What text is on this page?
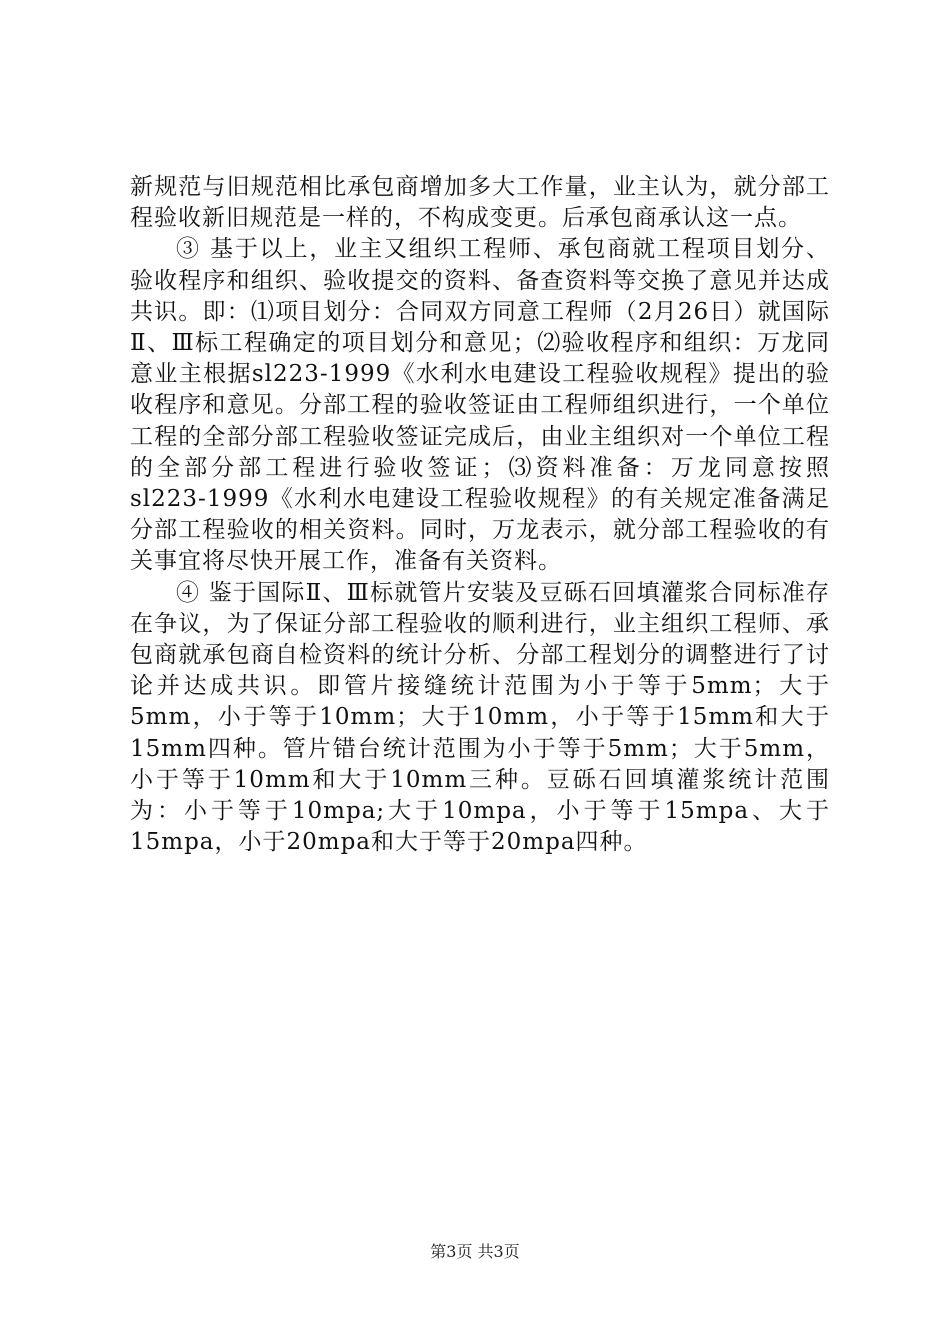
新规范与旧规范相比承包商增加多大工作量，业主认为，就分部工程验收新旧规范是一样的，不构成变更。后承包商承认这一点。

③ 基于以上，业主又组织工程师、承包商就工程项目划分、验收程序和组织、验收提交的资料、备查资料等交换了意见并达成共识。即：⑴项目划分：合同双方同意工程师（2月26日）就国际Ⅱ、Ⅲ标工程确定的项目划分和意见；⑵验收程序和组织：万龙同意业主根据sl223-1999《水利水电建设工程验收规程》提出的验收程序和意见。分部工程的验收签证由工程师组织进行，一个单位工程的全部分部工程验收签证完成后，由业主组织对一个单位工程的全部分部工程进行验收签证；⑶资料准备：万龙同意按照sl223-1999《水利水电建设工程验收规程》的有关规定准备满足分部工程验收的相关资料。同时，万龙表示，就分部工程验收的有关事宜将尽快开展工作，准备有关资料。

④ 鉴于国际Ⅱ、Ⅲ标就管片安装及豆砾石回填灌浆合同标准存在争议，为了保证分部工程验收的顺利进行，业主组织工程师、承包商就承包商自检资料的统计分析、分部工程划分的调整进行了讨论并达成共识。即管片接缝统计范围为小于等于5mm；大于5mm，小于等于10mm；大于10mm，小于等于15mm和大于15mm四种。管片错台统计范围为小于等于5mm；大于5mm，小于等于10mm和大于10mm三种。豆砾石回填灌浆统计范围为：小于等于10mpa;大于10mpa，小于等于15mpa、大于15mpa，小于20mpa和大于等于20mpa四种。

第3页 共3页
